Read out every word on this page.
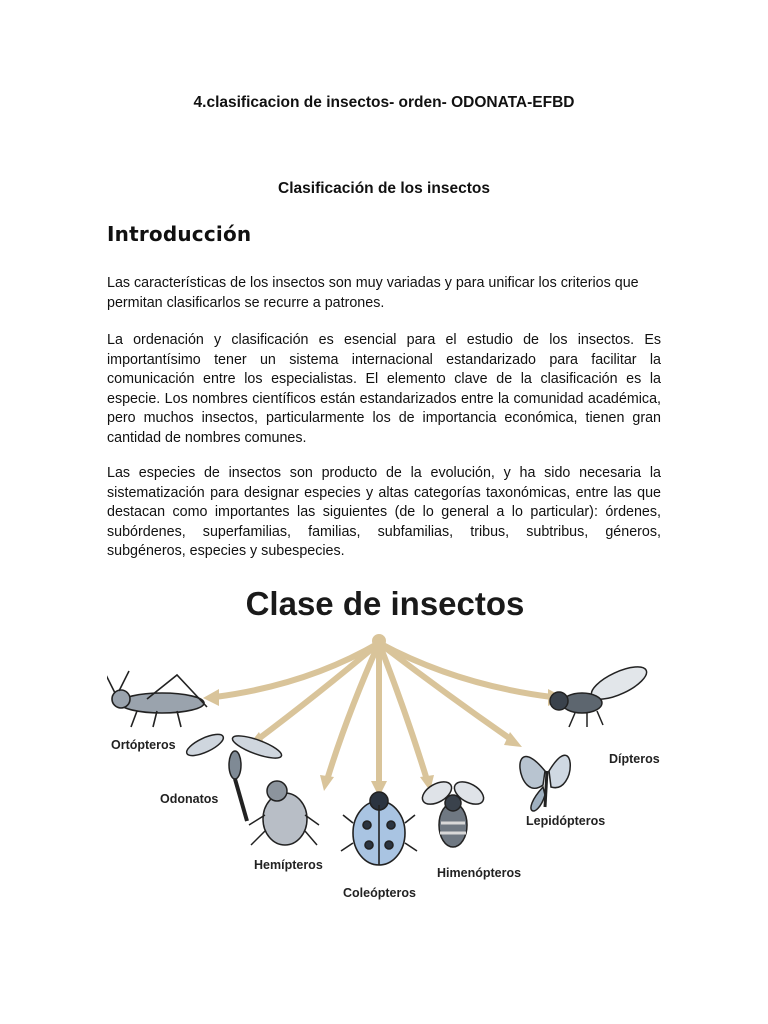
4.clasificacion de insectos- orden- ODONATA-EFBD
Clasificación de los insectos
Introducción

Las características de los insectos son muy variadas y para unificar los criterios que permitan clasificarlos se recurre a patrones.

La ordenación y clasificación es esencial para el estudio de los insectos. Es importantísimo tener un sistema internacional estandarizado para facilitar la comunicación entre los especialistas. El elemento clave de la clasificación es la especie. Los nombres científicos están estandarizados entre la comunidad académica, pero muchos insectos, particularmente los de importancia económica, tienen gran cantidad de nombres comunes.

Las especies de insectos son producto de la evolución, y ha sido necesaria la sistematización para designar especies y altas categorías taxonómicas, entre las que destacan como importantes las siguientes (de lo general a lo particular): órdenes, subórdenes, superfamilias, familias, subfamilias, tribus, subtribus, géneros, subgéneros, especies y subespecies.

Clase de insectos
Ortópteros
Odonatos
Hemípteros
Coleópteros
Himenópteros
Lepidópteros
Dípteros
